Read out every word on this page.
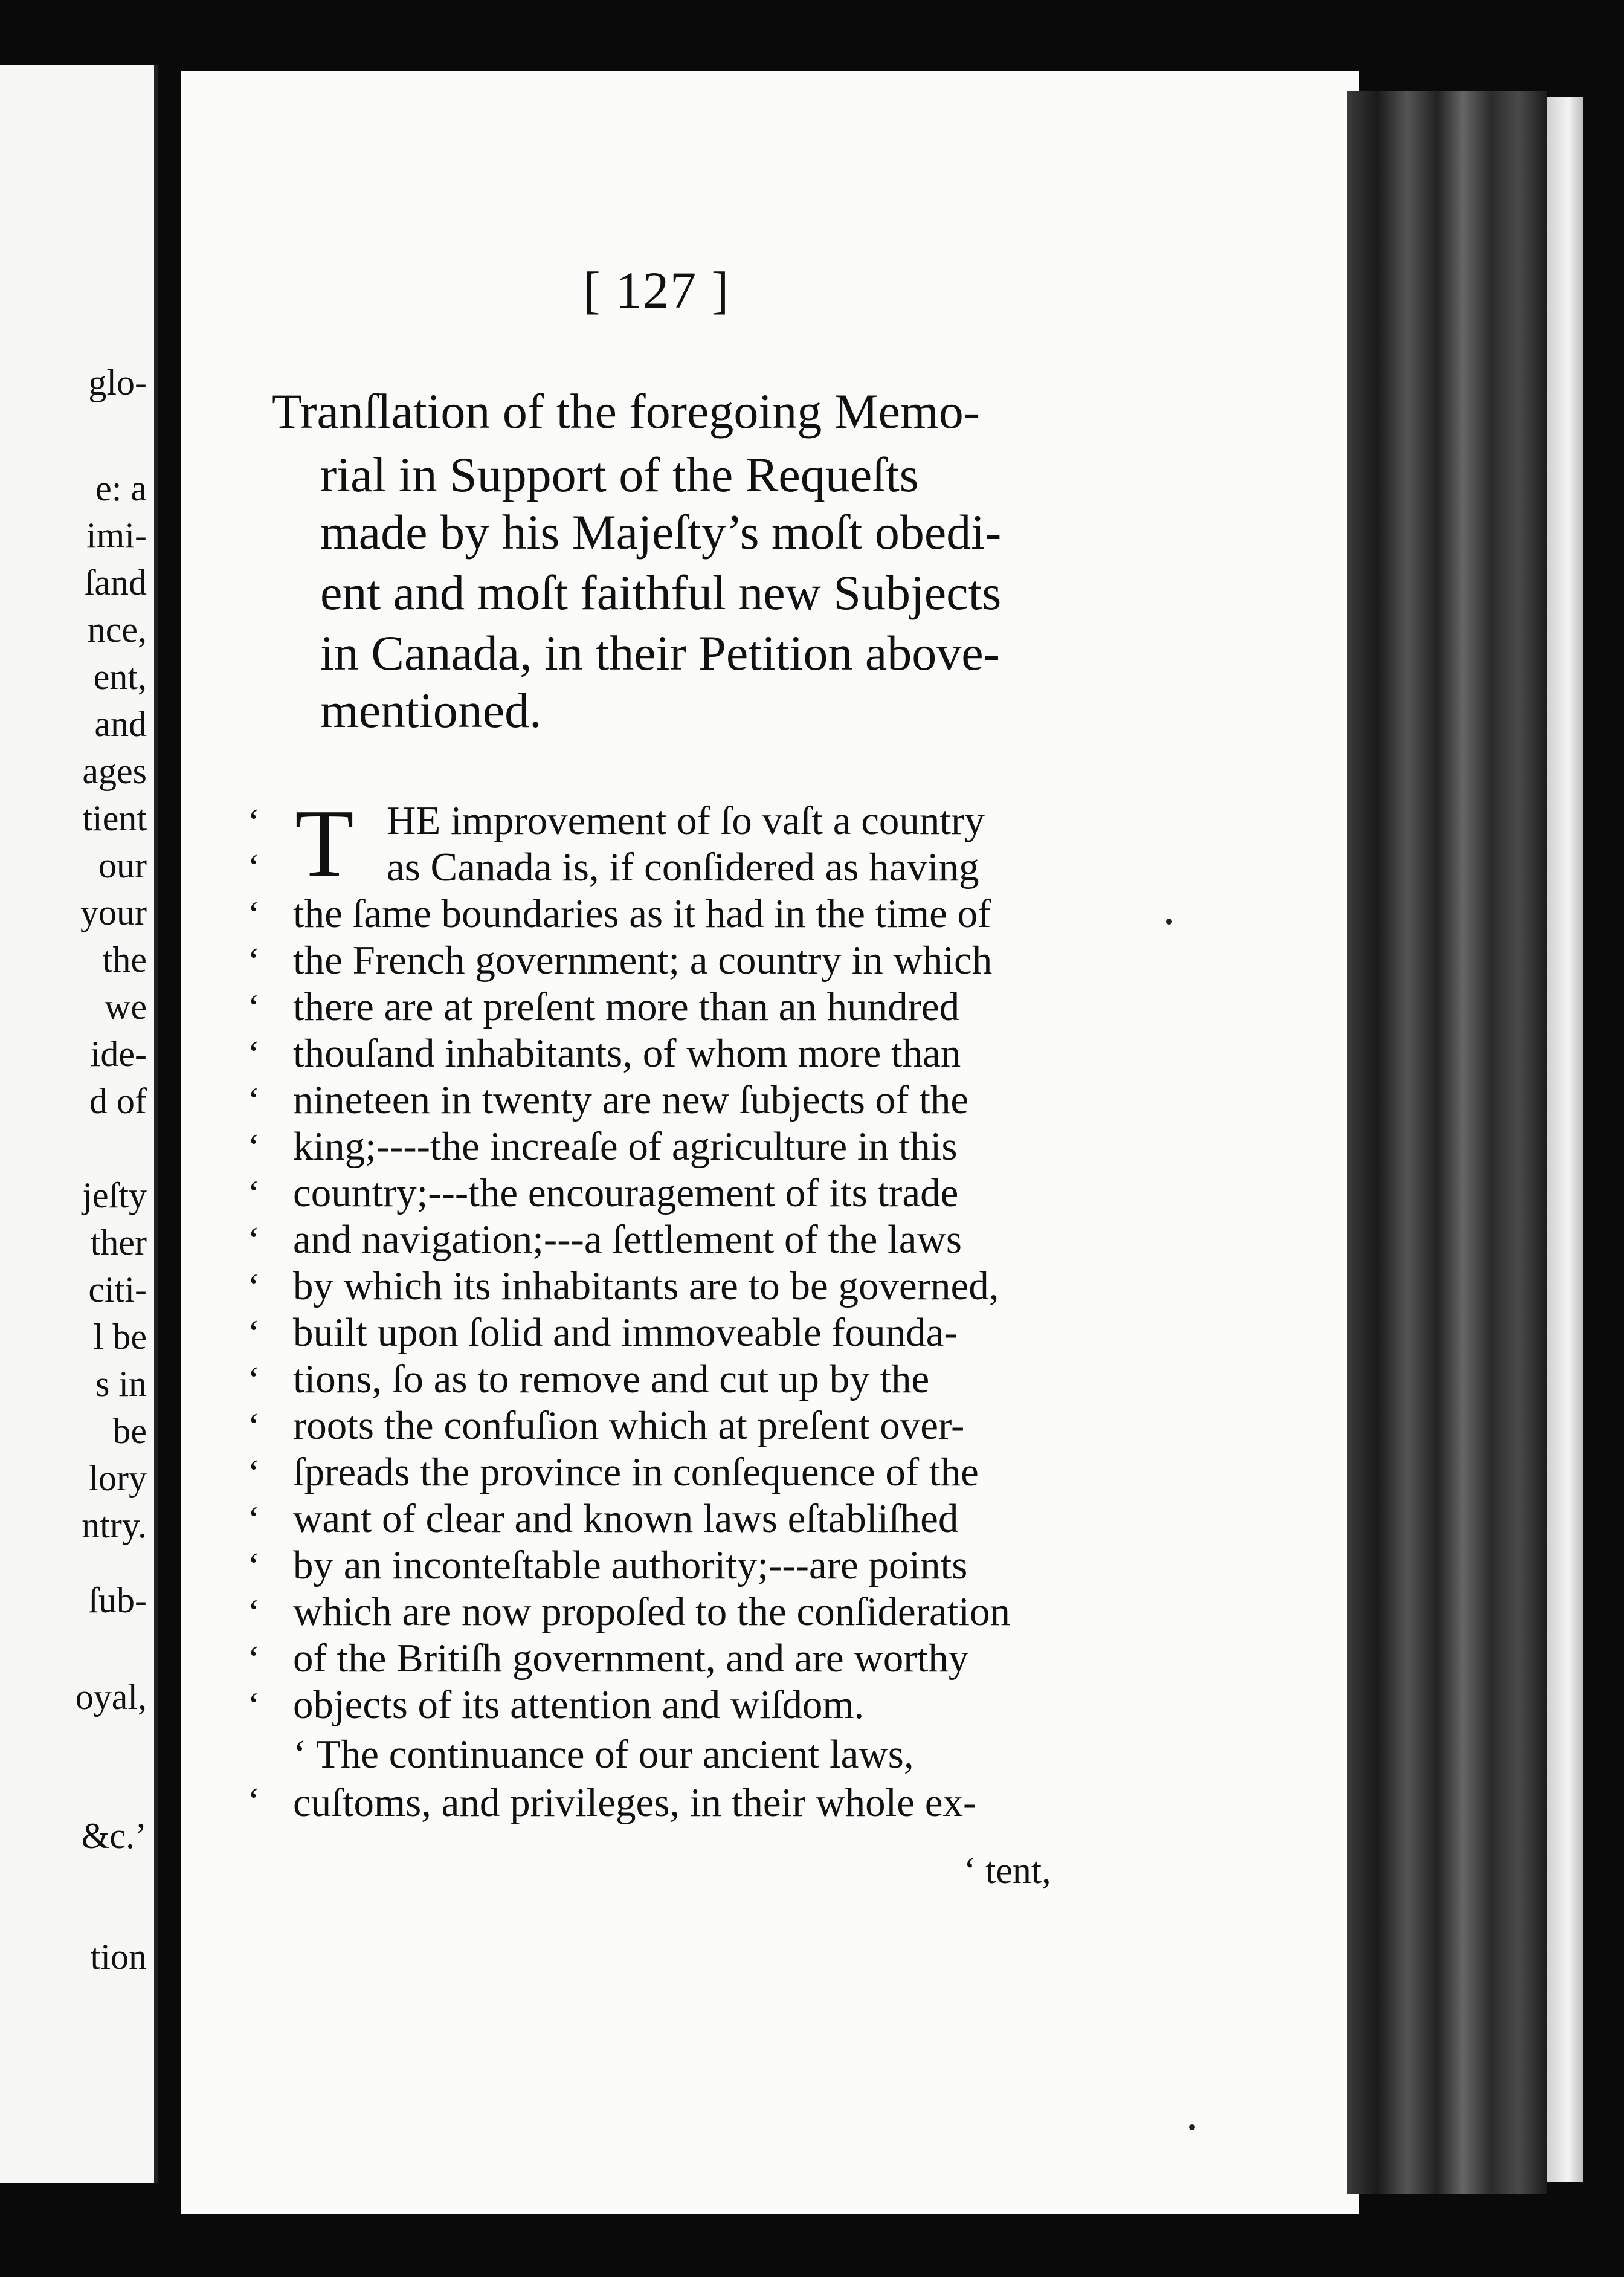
glo-
e: a
imi-
ſand
nce,
ent,
and
ages
tient
our
your
the
we
ide-
d of
jeſty
ther
citi-
l be
s in
be
lory
ntry.
ſub-
oyal,
&c.’
tion
[ 127 ]
Tranſlation of the foregoing Memo-
rial in Support of the Requeſts
made by his Majeſty’s moſt obedi-
ent and moſt faithful new Subjects
in Canada, in their Petition above-
mentioned.
T
‘
‘
‘
‘
‘
‘
‘
‘
‘
‘
‘
‘
‘
‘
‘
‘
‘
‘
‘
‘
‘
HE improvement of ſo vaſt a country
as Canada is, if conſidered as having
the ſame boundaries as it had in the time of
the French government; a country in which
there are at preſent more than an hundred
thouſand inhabitants, of whom more than
nineteen in twenty are new ſubjects of the
king;----the increaſe of agriculture in this
country;---the encouragement of its trade
and navigation;---a ſettlement of the laws
by which its inhabitants are to be governed,
built upon ſolid and immoveable founda-
tions, ſo as to remove and cut up by the
roots the confuſion which at preſent over-
ſpreads the province in conſequence of the
want of clear and known laws eſtabliſhed
by an inconteſtable authority;---are points
which are now propoſed to the conſideration
of the Britiſh government, and are worthy
objects of its attention and wiſdom.
‘ The continuance of our ancient laws,
cuſtoms, and privileges, in their whole ex-
‘ tent,
